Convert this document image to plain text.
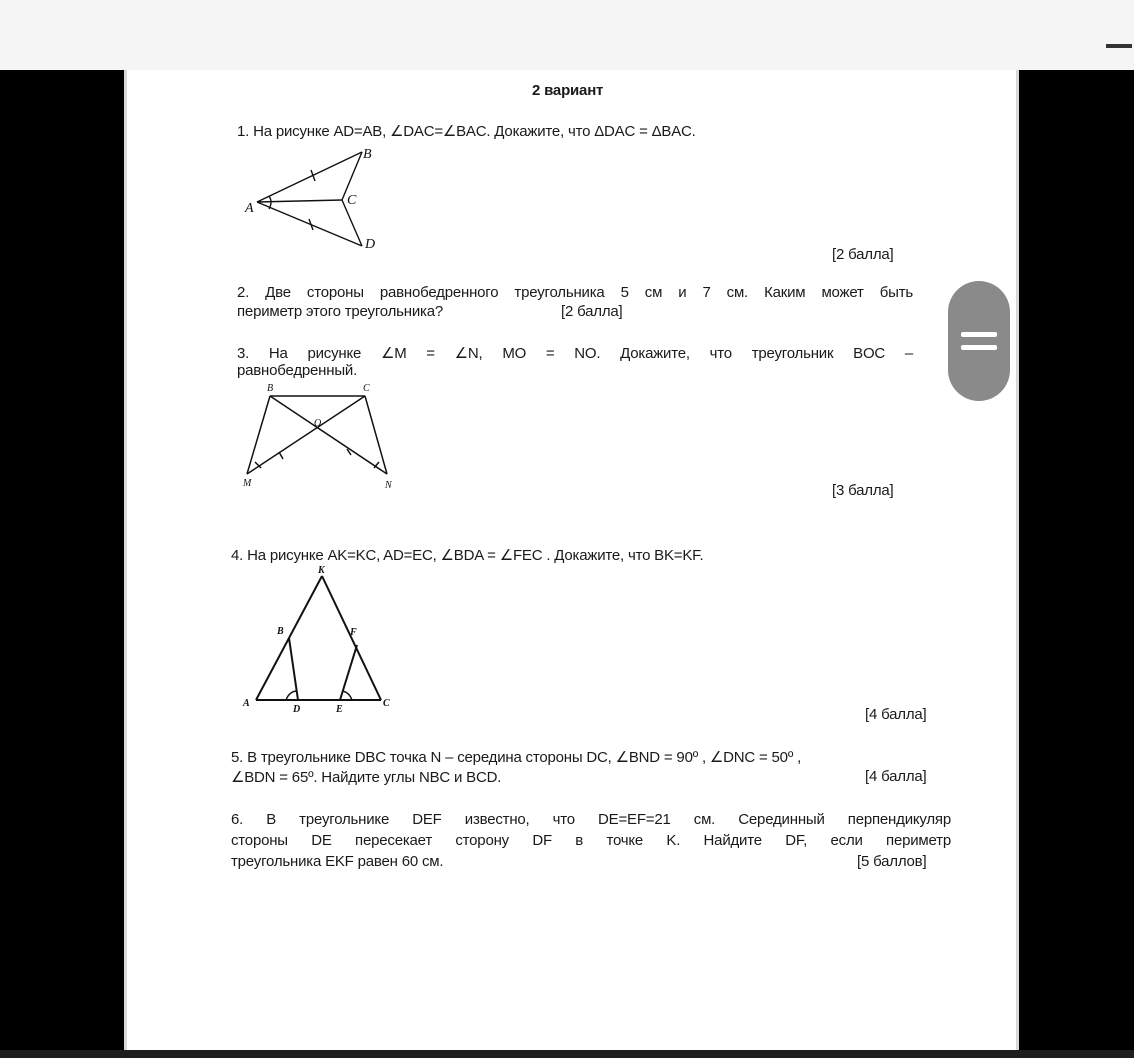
2 вариант
1. На рисунке AD=AB, ∠DAC=∠BAC. Докажите, что ΔDAC = ΔBAC.
A
B
C
D
[2 балла]
2. Две стороны равнобедренного треугольника 5 см и 7 см. Каким может быть
периметр этого треугольника?	[2 балла]
3. На рисунке ∠M = ∠N, MO = NO. Докажите, что треугольник BOC –
равнобедренный.
B	C
O
M	N	[3 балла]
4. На рисунке AK=KC, AD=EC, ∠BDA = ∠FEC . Докажите, что BK=KF.
K
B	F
A
D	E
C
[4 балла]
5. В треугольнике DBC точка N – середина стороны DC, ∠BND = 90º , ∠DNC = 50º ,
∠BDN = 65º. Найдите углы NBC и BCD.	[4 балла]
6. В треугольнике DEF известно, что DE=EF=21 см. Серединный перпендикуляр
стороны DE пересекает сторону DF в точке K. Найдите DF, если периметр
треугольника EKF равен 60 см.	[5 баллов]
